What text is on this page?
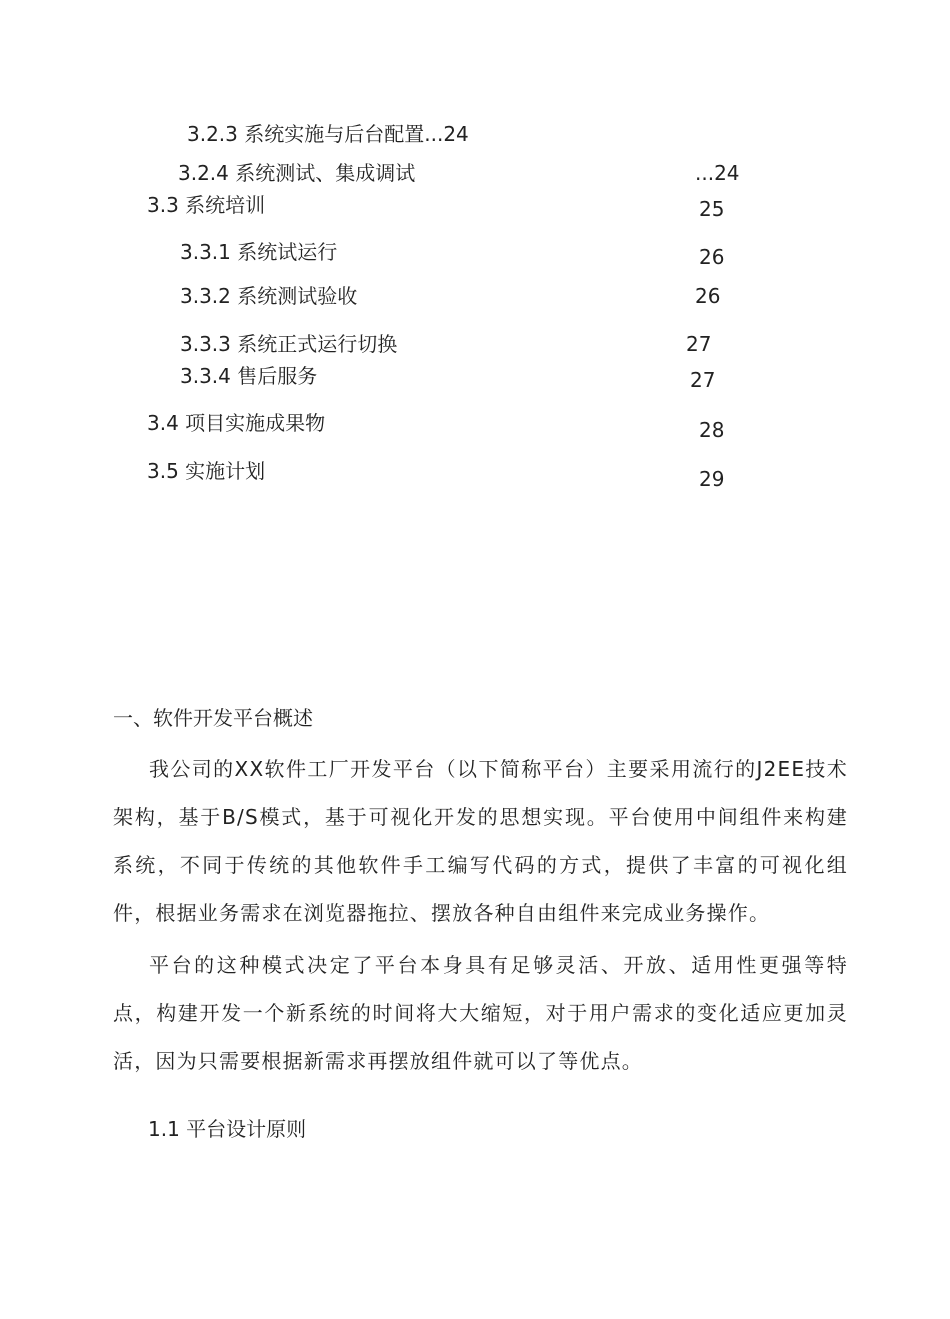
3.2.3 系统实施与后台配置...24
3.2.4 系统测试、集成调试	...24
3.3 系统培训	25
3.3.1 系统试运行	26
3.3.2 系统测试验收	26
3.3.3 系统正式运行切换	27
3.3.4 售后服务	27
3.4 项目实施成果物	28
3.5 实施计划	29
一、软件开发平台概述

我公司的XX软件工厂开发平台（以下简称平台）主要采用流行的J2EE技术架构，基于B/S模式，基于可视化开发的思想实现。平台使用中间组件来构建系统，不同于传统的其他软件手工编写代码的方式，提供了丰富的可视化组件，根据业务需求在浏览器拖拉、摆放各种自由组件来完成业务操作。

平台的这种模式决定了平台本身具有足够灵活、开放、适用性更强等特点，构建开发一个新系统的时间将大大缩短，对于用户需求的变化适应更加灵活，因为只需要根据新需求再摆放组件就可以了等优点。

1.1 平台设计原则
